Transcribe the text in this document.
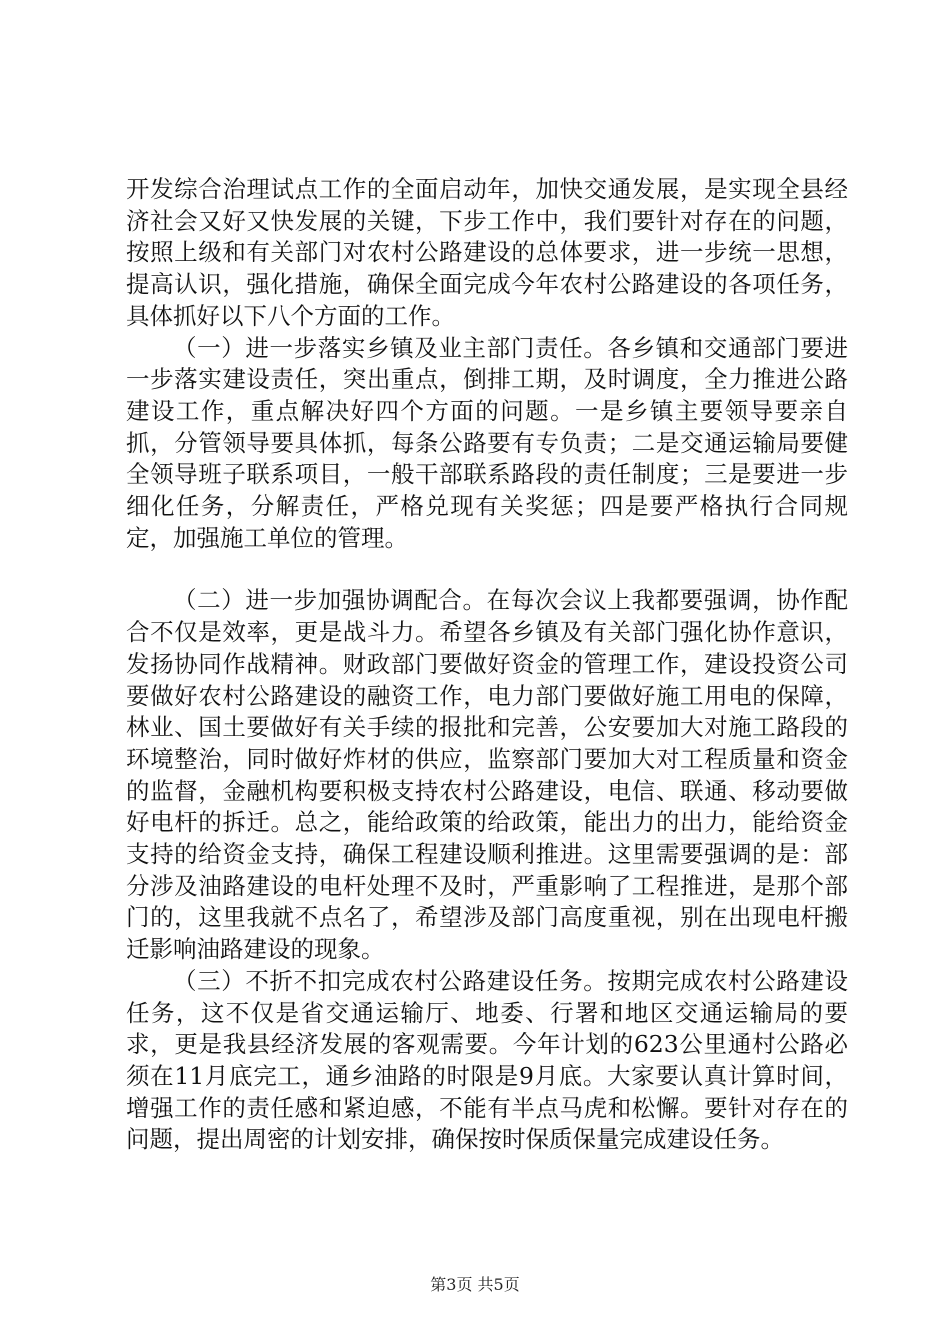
开发综合治理试点工作的全面启动年，加快交通发展，是实现全县经济社会又好又快发展的关键，下步工作中，我们要针对存在的问题，按照上级和有关部门对农村公路建设的总体要求，进一步统一思想，提高认识，强化措施，确保全面完成今年农村公路建设的各项任务，具体抓好以下八个方面的工作。

（一）进一步落实乡镇及业主部门责任。各乡镇和交通部门要进一步落实建设责任，突出重点，倒排工期，及时调度，全力推进公路建设工作，重点解决好四个方面的问题。一是乡镇主要领导要亲自抓，分管领导要具体抓，每条公路要有专负责；二是交通运输局要健全领导班子联系项目，一般干部联系路段的责任制度；三是要进一步细化任务，分解责任，严格兑现有关奖惩；四是要严格执行合同规定，加强施工单位的管理。

（二）进一步加强协调配合。在每次会议上我都要强调，协作配合不仅是效率，更是战斗力。希望各乡镇及有关部门强化协作意识，发扬协同作战精神。财政部门要做好资金的管理工作，建设投资公司要做好农村公路建设的融资工作，电力部门要做好施工用电的保障，林业、国土要做好有关手续的报批和完善，公安要加大对施工路段的环境整治，同时做好炸材的供应，监察部门要加大对工程质量和资金的监督，金融机构要积极支持农村公路建设，电信、联通、移动要做好电杆的拆迁。总之，能给政策的给政策，能出力的出力，能给资金支持的给资金支持，确保工程建设顺利推进。这里需要强调的是：部分涉及油路建设的电杆处理不及时，严重影响了工程推进，是那个部门的，这里我就不点名了，希望涉及部门高度重视，别在出现电杆搬迁影响油路建设的现象。

（三）不折不扣完成农村公路建设任务。按期完成农村公路建设任务，这不仅是省交通运输厅、地委、行署和地区交通运输局的要求，更是我县经济发展的客观需要。今年计划的623公里通村公路必须在11月底完工，通乡油路的时限是9月底。大家要认真计算时间，增强工作的责任感和紧迫感，不能有半点马虎和松懈。要针对存在的问题，提出周密的计划安排，确保按时保质保量完成建设任务。

第3页 共5页
